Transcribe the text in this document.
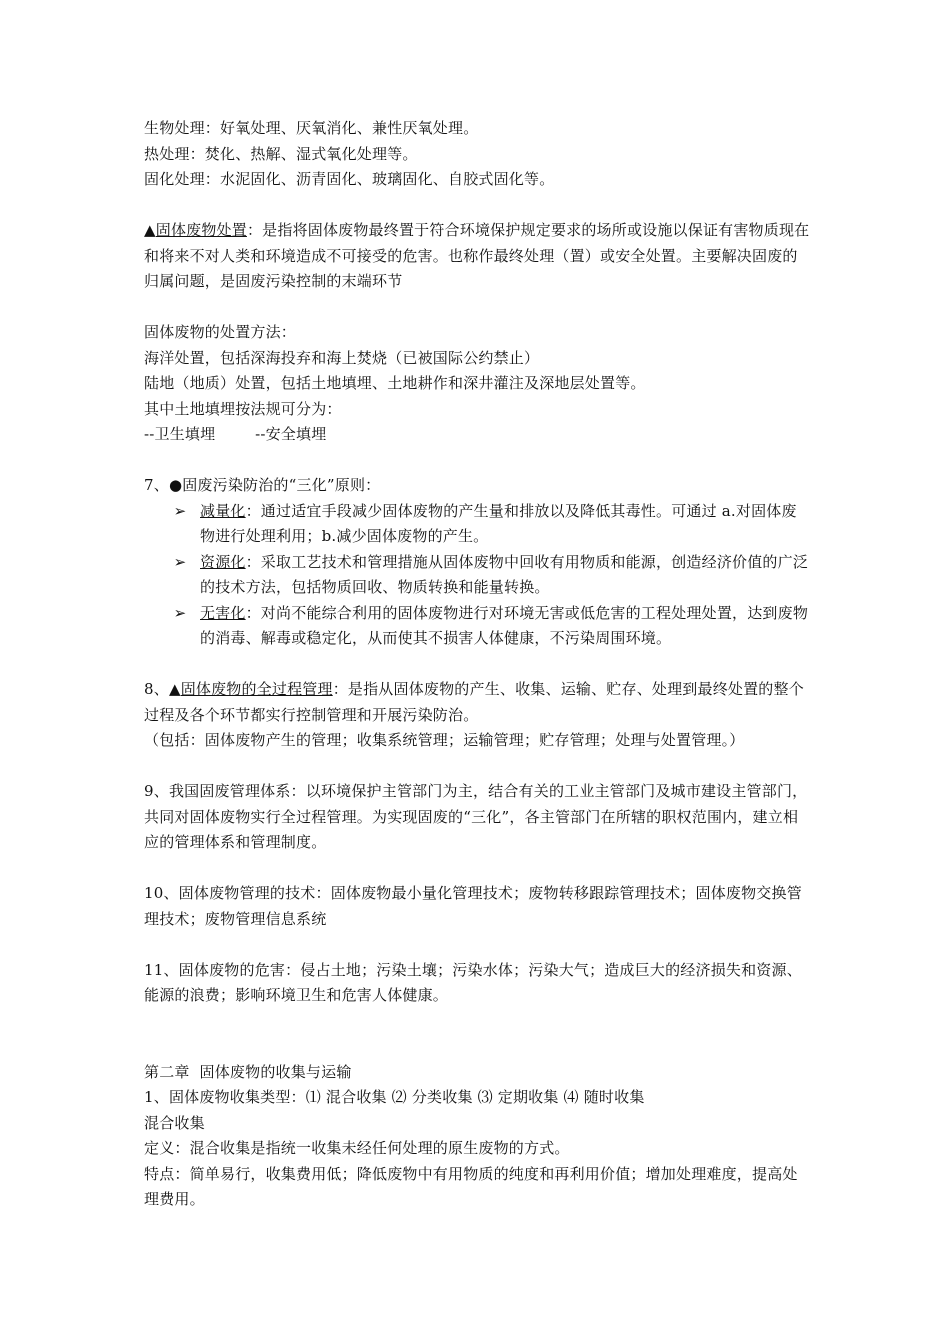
生物处理：好氧处理、厌氧消化、兼性厌氧处理。

热处理：焚化、热解、湿式氧化处理等。

固化处理：水泥固化、沥青固化、玻璃固化、自胶式固化等。

▲固体废物处置：是指将固体废物最终置于符合环境保护规定要求的场所或设施以保证有害物质现在和将来不对人类和环境造成不可接受的危害。也称作最终处理（置）或安全处置。主要解决固废的归属问题，是固废污染控制的末端环节

固体废物的处置方法：

海洋处置，包括深海投弃和海上焚烧（已被国际公约禁止）

陆地（地质）处置，包括土地填埋、土地耕作和深井灌注及深地层处置等。

其中土地填埋按法规可分为：

--卫生填埋        --安全填埋

7、●固废污染防治的“三化”原则：

➢ 减量化：通过适宜手段减少固体废物的产生量和排放以及降低其毒性。可通过 a.对固体废物进行处理利用；b.减少固体废物的产生。
➢ 资源化：采取工艺技术和管理措施从固体废物中回收有用物质和能源，创造经济价值的广泛的技术方法，包括物质回收、物质转换和能量转换。
➢ 无害化：对尚不能综合利用的固体废物进行对环境无害或低危害的工程处理处置，达到废物的消毒、解毒或稳定化，从而使其不损害人体健康，不污染周围环境。

8、▲固体废物的全过程管理：是指从固体废物的产生、收集、运输、贮存、处理到最终处置的整个过程及各个环节都实行控制管理和开展污染防治。

（包括：固体废物产生的管理；收集系统管理；运输管理；贮存管理；处理与处置管理。）

9、我国固废管理体系：以环境保护主管部门为主，结合有关的工业主管部门及城市建设主管部门，共同对固体废物实行全过程管理。为实现固废的“三化”，各主管部门在所辖的职权范围内，建立相应的管理体系和管理制度。

10、固体废物管理的技术：固体废物最小量化管理技术；废物转移跟踪管理技术；固体废物交换管理技术；废物管理信息系统

11、固体废物的危害：侵占土地；污染土壤；污染水体；污染大气；造成巨大的经济损失和资源、能源的浪费；影响环境卫生和危害人体健康。

第二章  固体废物的收集与运输

1、固体废物收集类型：⑴ 混合收集 ⑵ 分类收集 ⑶ 定期收集 ⑷ 随时收集

混合收集

定义：混合收集是指统一收集未经任何处理的原生废物的方式。

特点：简单易行，收集费用低；降低废物中有用物质的纯度和再利用价值；增加处理难度，提高处理费用。
